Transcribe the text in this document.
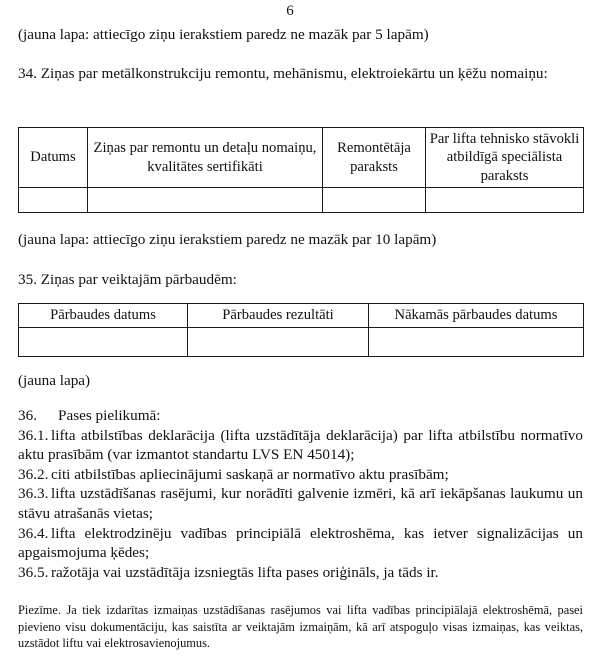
6
(jauna lapa: attiecīgo ziņu ierakstiem paredz ne mazāk par 5 lapām)
34. Ziņas par metālkonstrukciju remontu, mehānismu, elektroiekārtu un ķēžu nomaiņu:
Datums	Ziņas par remontu un detaļu nomaiņu, kvalitātes sertifikāti	Remontētāja paraksts	Par lifta tehnisko stāvokli atbildīgā speciālista paraksts

(jauna lapa: attiecīgo ziņu ierakstiem paredz ne mazāk par 10 lapām)
35. Ziņas par veiktajām pārbaudēm:
Pārbaudes datums	Pārbaudes rezultāti	Nākamās pārbaudes datums

(jauna lapa)

36. Pases pielikumā:

36.1. lifta atbilstības deklarācija (lifta uzstādītāja deklarācija) par lifta atbilstību normatīvo aktu prasībām (var izmantot standartu LVS EN 45014);

36.2. citi atbilstības apliecinājumi saskaņā ar normatīvo aktu prasībām;

36.3. lifta uzstādīšanas rasējumi, kur norādīti galvenie izmēri, kā arī iekāpšanas laukumu un stāvu atrašanās vietas;

36.4. lifta elektrodzinēju vadības principiālā elektroshēma, kas ietver signalizācijas un apgaismojuma ķēdes;

36.5. ražotāja vai uzstādītāja izsniegtās lifta pases oriģināls, ja tāds ir.

Piezīme. Ja tiek izdarītas izmaiņas uzstādīšanas rasējumos vai lifta vadības principiālajā elektroshēmā, pasei pievieno visu dokumentāciju, kas saistīta ar veiktajām izmaiņām, kā arī atspoguļo visas izmaiņas, kas veiktas, uzstādot liftu vai elektrosavienojumus.
